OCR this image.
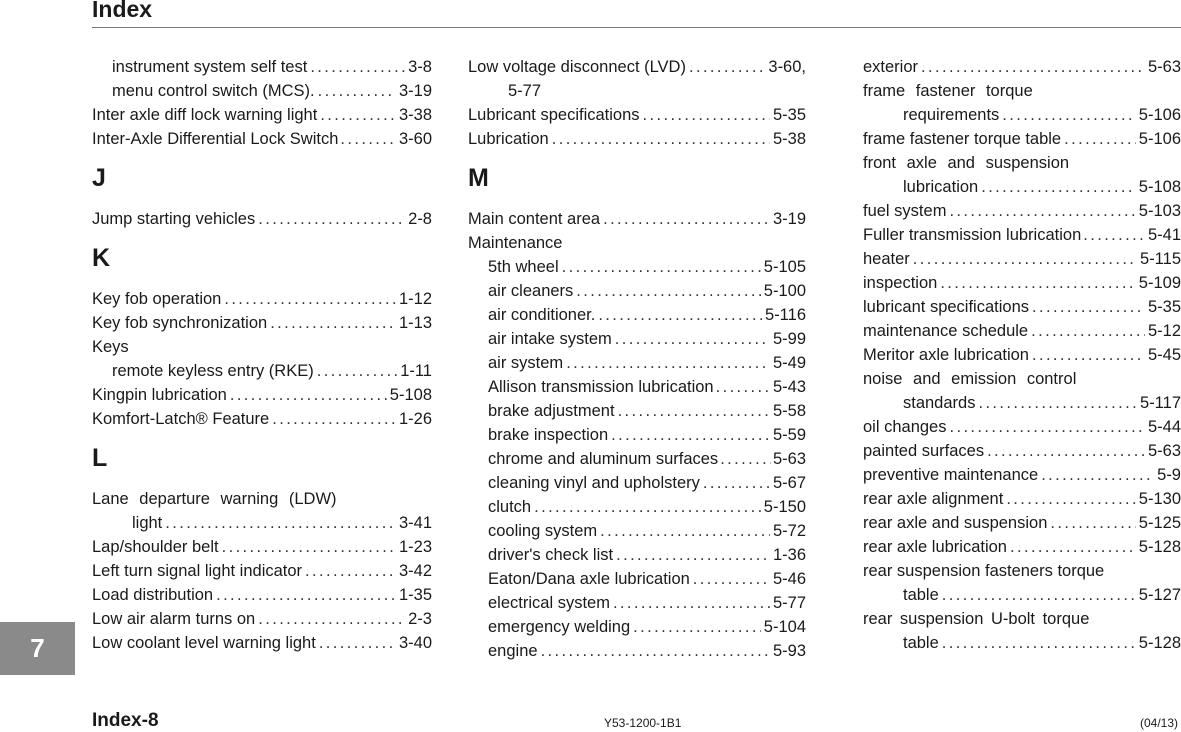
Index
7
instrument system self test .....	3-8
menu control switch (MCS). .....	3-19
Inter axle diff lock warning light .....	3-38
Inter-Axle Differential Lock Switch .....	3-60
J
Jump starting vehicles .....	2-8
K
Key fob operation .....	1-12
Key fob synchronization .....	1-13
Keys
remote keyless entry (RKE) .....	1-11
Kingpin lubrication .....	5-108
Komfort-Latch® Feature .....	1-26
L
Lane departure warning (LDW)
light .....	3-41
Lap/shoulder belt .....	1-23
Left turn signal light indicator .....	3-42
Load distribution .....	1-35
Low air alarm turns on .....	2-3
Low coolant level warning light .....	3-40
Low voltage disconnect (LVD) .....	3-60,
5-77
Lubricant specifications .....	5-35
Lubrication .....	5-38
M
Main content area .....	3-19
Maintenance
5th wheel .....	5-105
air cleaners .....	5-100
air conditioner. .....	5-116
air intake system .....	5-99
air system .....	5-49
Allison transmission lubrication .....	5-43
brake adjustment .....	5-58
brake inspection .....	5-59
chrome and aluminum surfaces .....	5-63
cleaning vinyl and upholstery .....	5-67
clutch .....	5-150
cooling system .....	5-72
driver's check list .....	1-36
Eaton/Dana axle lubrication .....	5-46
electrical system .....	5-77
emergency welding .....	5-104
engine .....	5-93
exterior .....	5-63
frame fastener torque
requirements .....	5-106
frame fastener torque table .....	5-106
front axle and suspension
lubrication .....	5-108
fuel system .....	5-103
Fuller transmission lubrication .....	5-41
heater .....	5-115
inspection .....	5-109
lubricant specifications .....	5-35
maintenance schedule .....	5-12
Meritor axle lubrication .....	5-45
noise and emission control
standards .....	5-117
oil changes .....	5-44
painted surfaces .....	5-63
preventive maintenance .....	5-9
rear axle alignment .....	5-130
rear axle and suspension .....	5-125
rear axle lubrication .....	5-128
rear suspension fasteners torque
table .....	5-127
rear suspension U-bolt torque
table .....	5-128
Index-8	Y53-1200-1B1	(04/13)
